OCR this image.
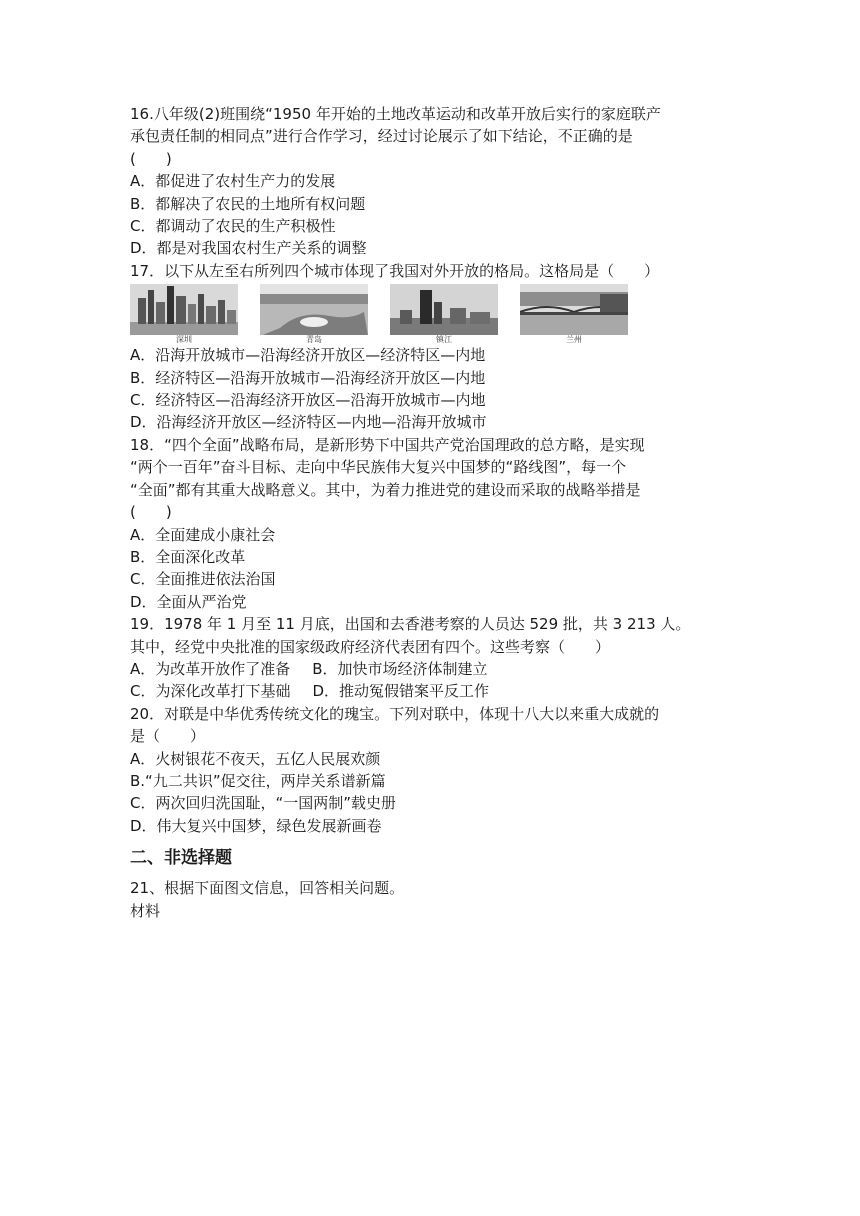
16.八年级(2)班围绕“1950 年开始的土地改革运动和改革开放后实行的家庭联产
承包责任制的相同点”进行合作学习，经过讨论展示了如下结论，不正确的是
(　　)
A．都促进了农村生产力的发展
B．都解决了农民的土地所有权问题
C．都调动了农民的生产积极性
D．都是对我国农村生产关系的调整
17．以下从左至右所列四个城市体现了我国对外开放的格局。这格局是（　　）
深圳	青岛	镇江	兰州
A．沿海开放城市—沿海经济开放区—经济特区—内地
B．经济特区—沿海开放城市—沿海经济开放区—内地
C．经济特区—沿海经济开放区—沿海开放城市—内地
D．沿海经济开放区—经济特区—内地—沿海开放城市
18．“四个全面”战略布局，是新形势下中国共产党治国理政的总方略，是实现
“两个一百年”奋斗目标、走向中华民族伟大复兴中国梦的“路线图”，每一个
“全面”都有其重大战略意义。其中，为着力推进党的建设而采取的战略举措是
(　　)
A．全面建成小康社会
B．全面深化改革
C．全面推进依法治国
D．全面从严治党
19．1978 年 1 月至 11 月底，出国和去香港考察的人员达 529 批，共 3 213 人。
其中，经党中央批准的国家级政府经济代表团有四个。这些考察（　　）
A．为改革开放作了准备 B．加快市场经济体制建立
C．为深化改革打下基础 D．推动冤假错案平反工作
20．对联是中华优秀传统文化的瑰宝。下列对联中，体现十八大以来重大成就的
是（　　）
A．火树银花不夜天，五亿人民展欢颜
B.“九二共识”促交往，两岸关系谱新篇
C．两次回归洗国耻，“一国两制”载史册
D．伟大复兴中国梦，绿色发展新画卷
二、非选择题
21、根据下面图文信息，回答相关问题。
材料
